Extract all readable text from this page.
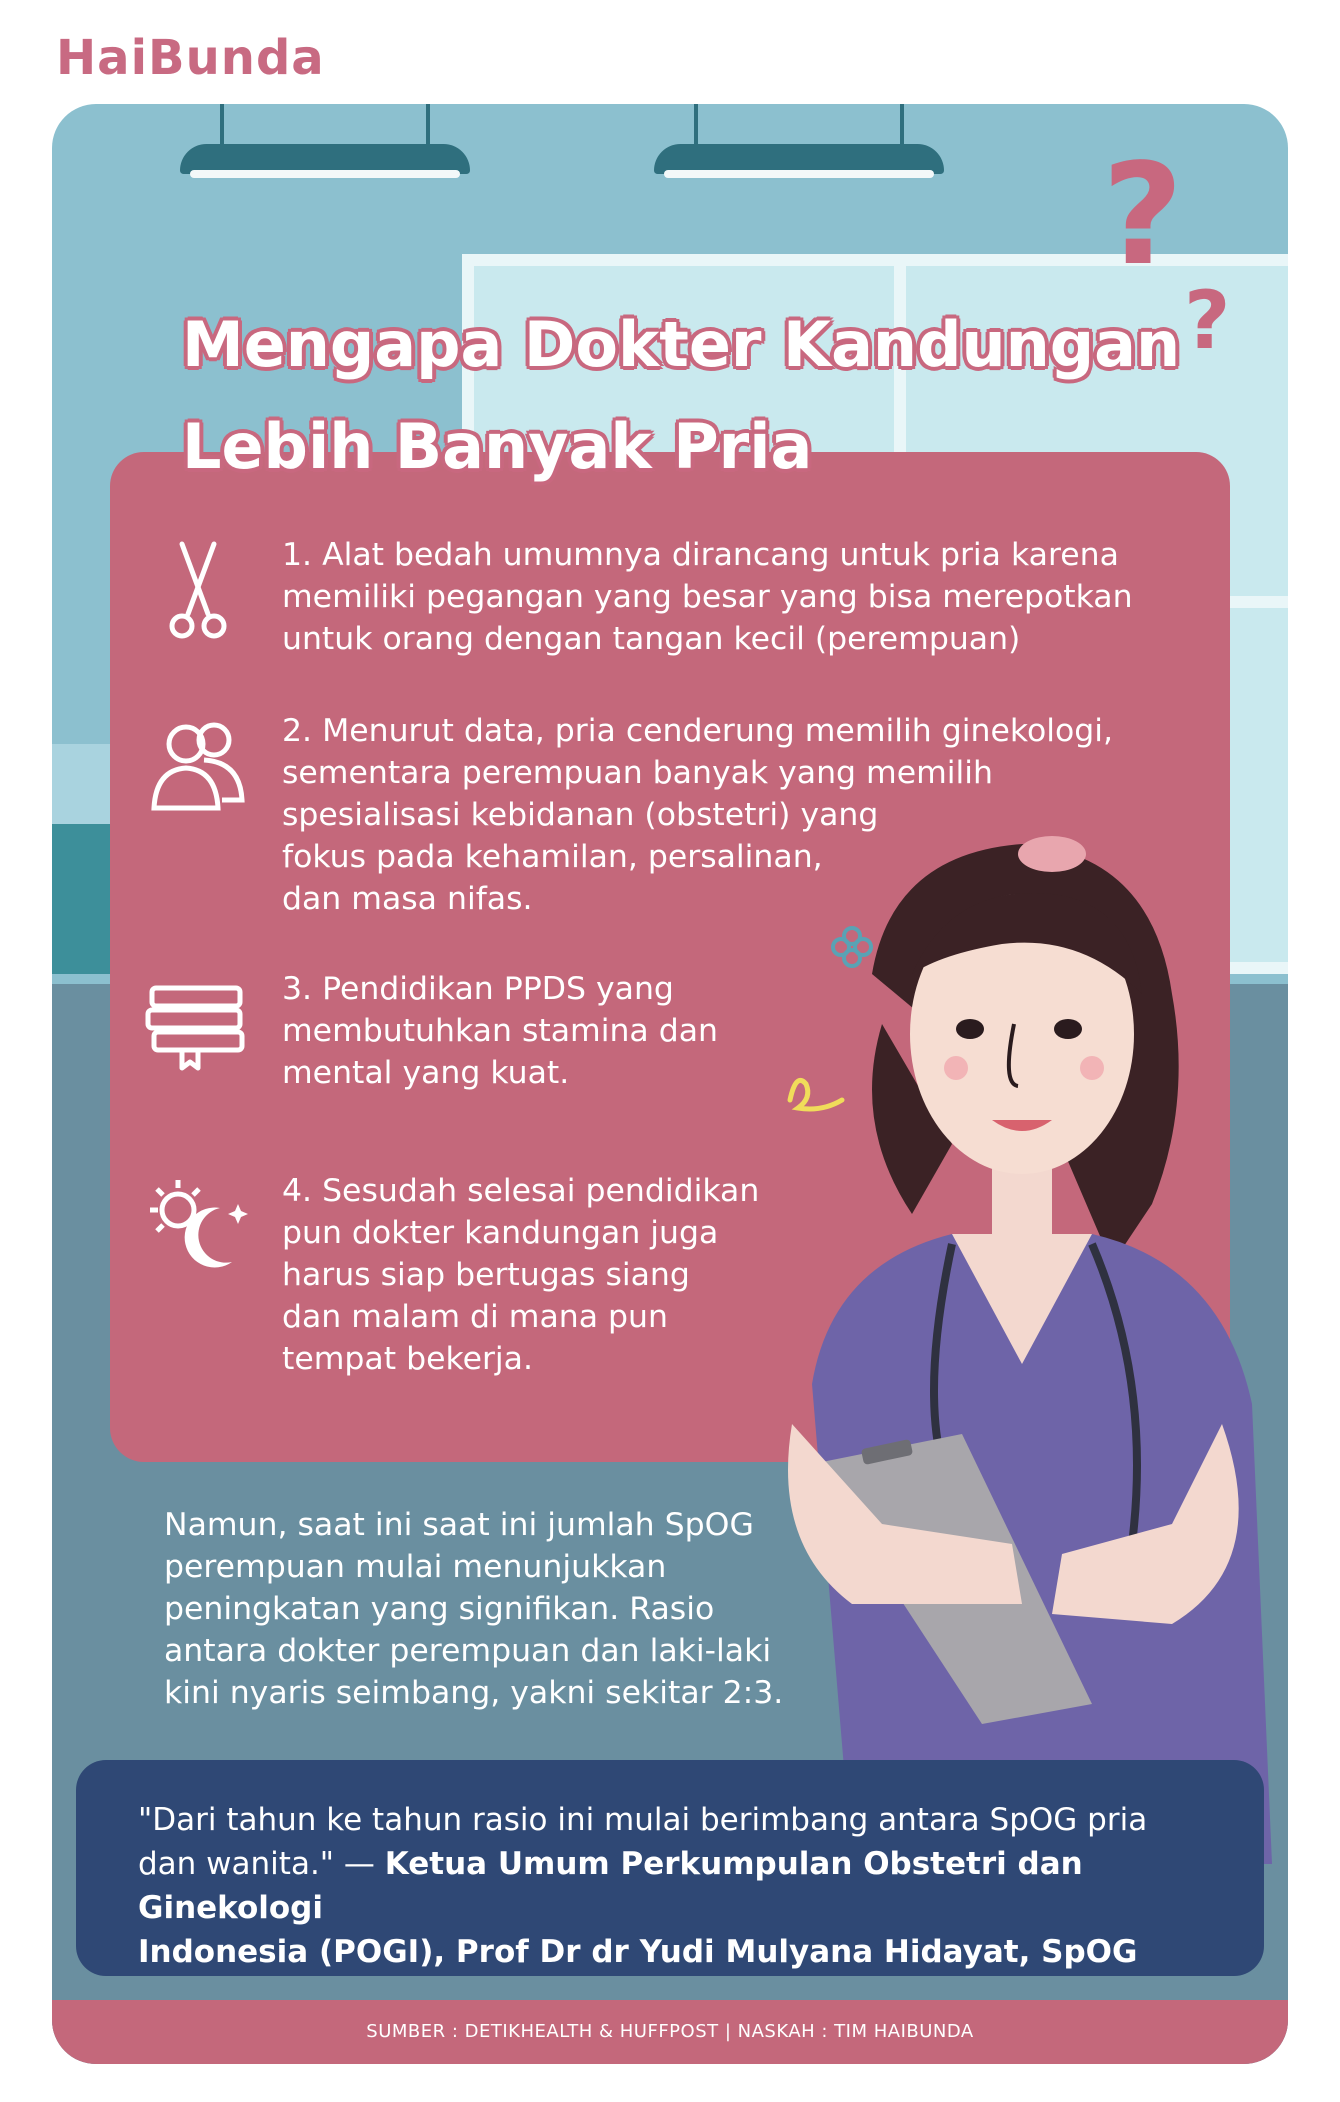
HaiBunda
?
?
Mengapa Dokter Kandungan
Lebih Banyak Pria
1. Alat bedah umumnya dirancang untuk pria karena
memiliki pegangan yang besar yang bisa merepotkan
untuk orang dengan tangan kecil (perempuan)
2. Menurut data, pria cenderung memilih ginekologi,
sementara perempuan banyak yang memilih
spesialisasi kebidanan (obstetri) yang
fokus pada kehamilan, persalinan,
dan masa nifas.
3. Pendidikan PPDS yang
membutuhkan stamina dan
mental yang kuat.
4. Sesudah selesai pendidikan
pun dokter kandungan juga
harus siap bertugas siang
dan malam di mana pun
tempat bekerja.
Namun, saat ini saat ini jumlah SpOG
perempuan mulai menunjukkan
peningkatan yang signifikan. Rasio
antara dokter perempuan dan laki-laki
kini nyaris seimbang, yakni sekitar 2:3.
"Dari tahun ke tahun rasio ini mulai berimbang antara SpOG pria
dan wanita." — Ketua Umum Perkumpulan Obstetri dan Ginekologi
Indonesia (POGI), Prof Dr dr Yudi Mulyana Hidayat, SpOG
SUMBER : DETIKHEALTH & HUFFPOST | NASKAH : TIM HAIBUNDA
